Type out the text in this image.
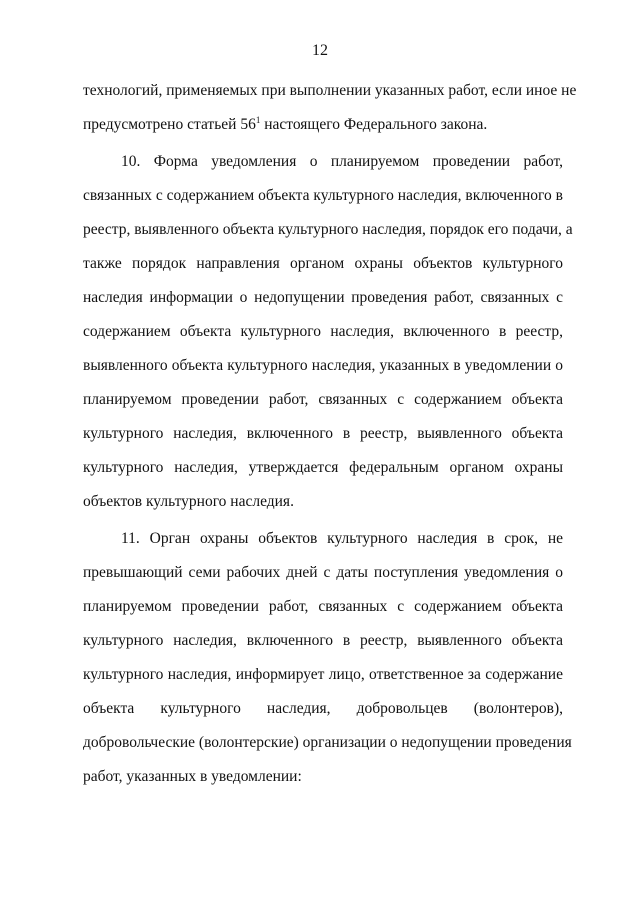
12
технологий, применяемых при выполнении указанных работ, если иное не
предусмотрено статьей $56^1$ настоящего Федерального закона.
10. Форма уведомления о планируемом проведении работ,
связанных с содержанием объекта культурного наследия, включенного в
реестр, выявленного объекта культурного наследия, порядок его подачи, а
также порядок направления органом охраны объектов культурного
наследия информации о недопущении проведения работ, связанных с
содержанием объекта культурного наследия, включенного в реестр,
выявленного объекта культурного наследия, указанных в уведомлении о
планируемом проведении работ, связанных с содержанием объекта
культурного наследия, включенного в реестр, выявленного объекта
культурного наследия, утверждается федеральным органом охраны
объектов культурного наследия.
11. Орган охраны объектов культурного наследия в срок, не
превышающий семи рабочих дней с даты поступления уведомления о
планируемом проведении работ, связанных с содержанием объекта
культурного наследия, включенного в реестр, выявленного объекта
культурного наследия, информирует лицо, ответственное за содержание
объекта культурного наследия, добровольцев (волонтеров),
добровольческие (волонтерские) организации о недопущении проведения
работ, указанных в уведомлении:
